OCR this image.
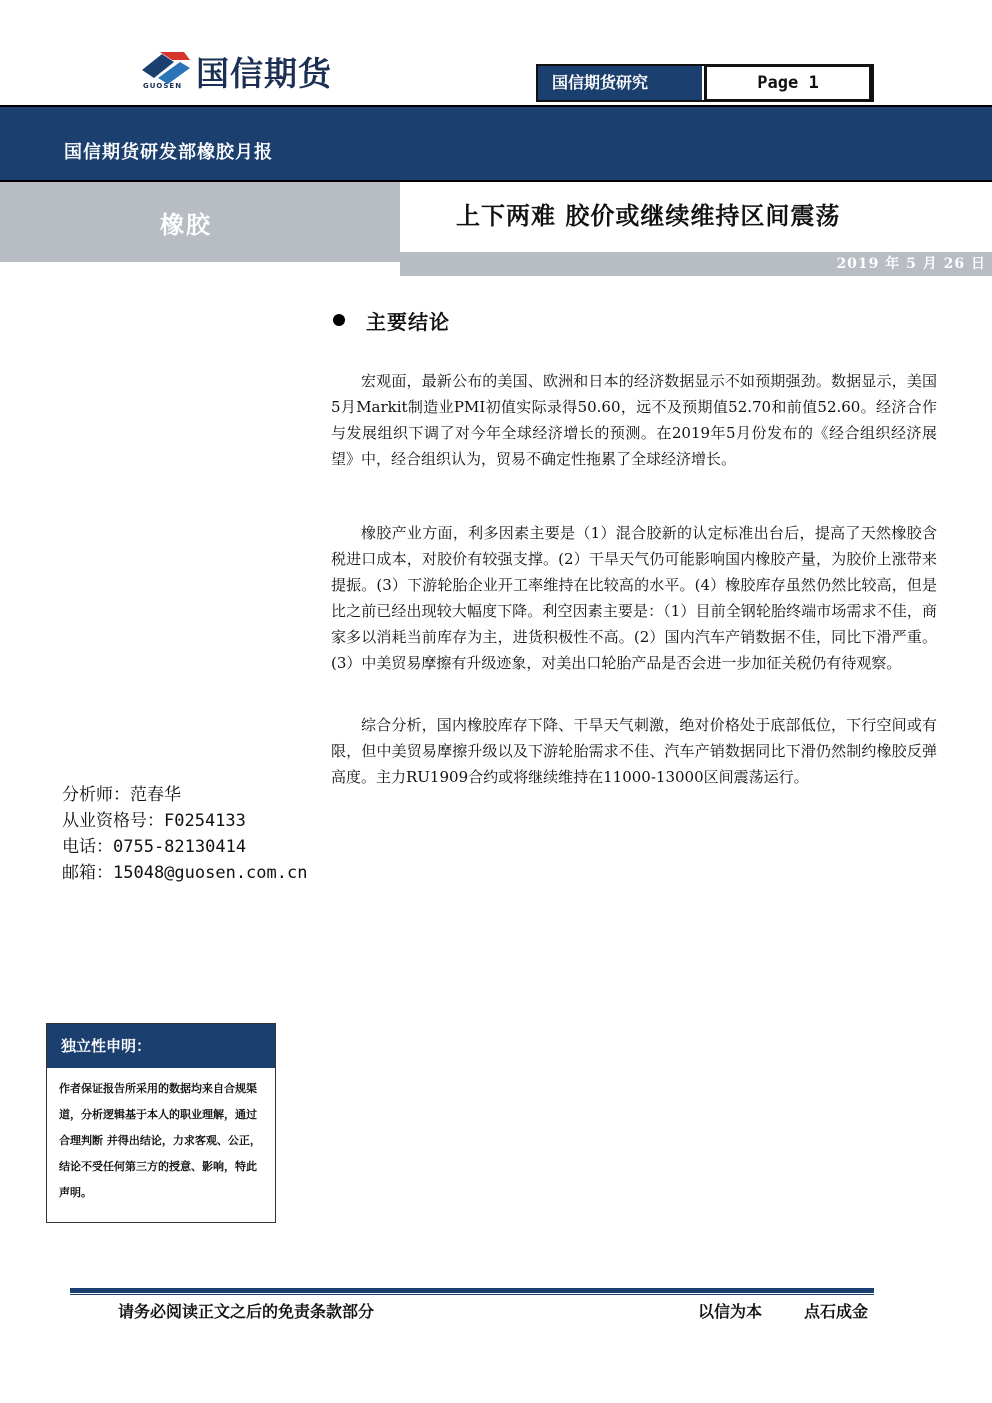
国信期货
GUOSEN	国信期货研究	Page 1
国信期货研发部橡胶月报
橡胶	上下两难 胶价或继续维持区间震荡
2019 年 5 月 26 日
主要结论

宏观面，最新公布的美国、欧洲和日本的经济数据显示不如预期强劲。数据显示，美国5月Markit制造业PMI初值实际录得50.60，远不及预期值52.70和前值52.60。经济合作与发展组织下调了对今年全球经济增长的预测。在2019年5月份发布的《经合组织经济展望》中，经合组织认为，贸易不确定性拖累了全球经济增长。

橡胶产业方面，利多因素主要是（1）混合胶新的认定标准出台后，提高了天然橡胶含税进口成本，对胶价有较强支撑。(2）干旱天气仍可能影响国内橡胶产量，为胶价上涨带来提振。(3）下游轮胎企业开工率维持在比较高的水平。(4）橡胶库存虽然仍然比较高，但是比之前已经出现较大幅度下降。利空因素主要是：（1）目前全钢轮胎终端市场需求不佳，商家多以消耗当前库存为主，进货积极性不高。(2）国内汽车产销数据不佳，同比下滑严重。(3）中美贸易摩擦有升级迹象，对美出口轮胎产品是否会进一步加征关税仍有待观察。

综合分析，国内橡胶库存下降、干旱天气刺激，绝对价格处于底部低位，下行空间或有限，但中美贸易摩擦升级以及下游轮胎需求不佳、汽车产销数据同比下滑仍然制约橡胶反弹高度。主力RU1909合约或将继续维持在11000-13000区间震荡运行。

分析师：范春华
从业资格号：F0254133
电话：0755-82130414
邮箱：15048@guosen.com.cn
独立性申明：
作者保证报告所采用的数据均来自合规渠道，分析逻辑基于本人的职业理解，通过合理判断 并得出结论，力求客观、公正，结论不受任何第三方的授意、影响，特此声明。
请务必阅读正文之后的免责条款部分	以信为本	点石成金
